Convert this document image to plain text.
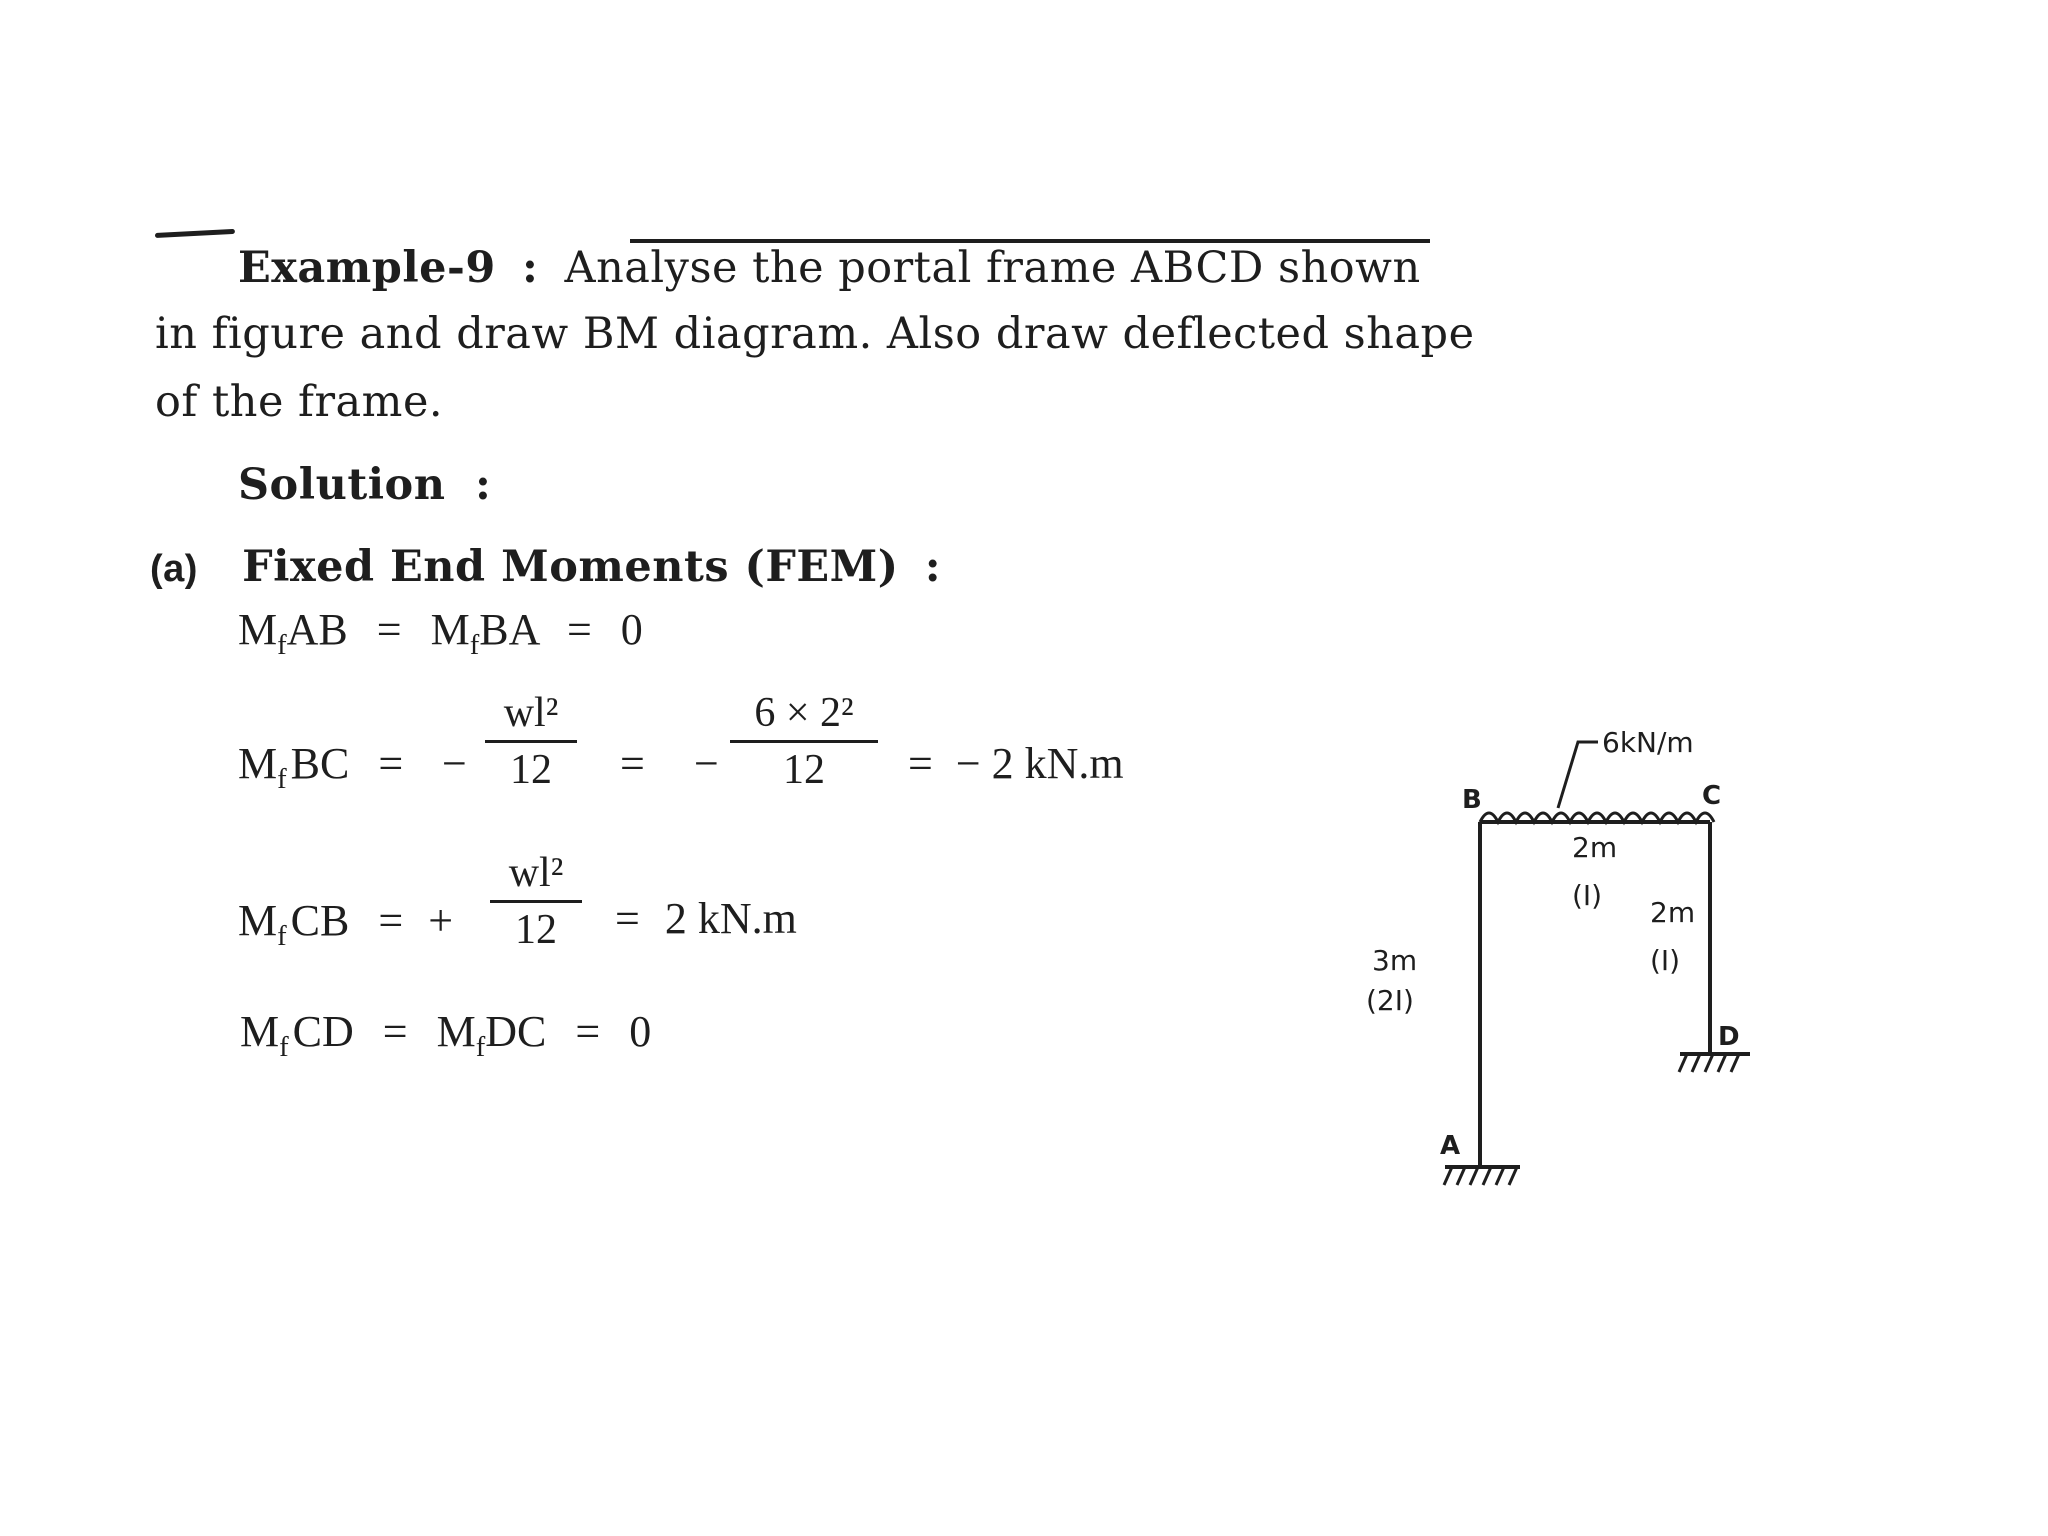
Example-9 : Analyse the portal frame ABCD shown
in figure and draw BM diagram. Also draw deflected shape
of the frame.
Solution :
(a) Fixed End Moments (FEM) :
$M_fAB = M_fBA = 0$
$M_fBC$ = −
wl²
12	= −
6 × 2²
12	= − 2 kN.m
$M_fCB$ = +
wl²
12	= 2 kN.m
$M_fCD = M_fDC = 0$
6kN/m
B	C
D
A
2m
(I)
2m
(I)
3m
(2I)
